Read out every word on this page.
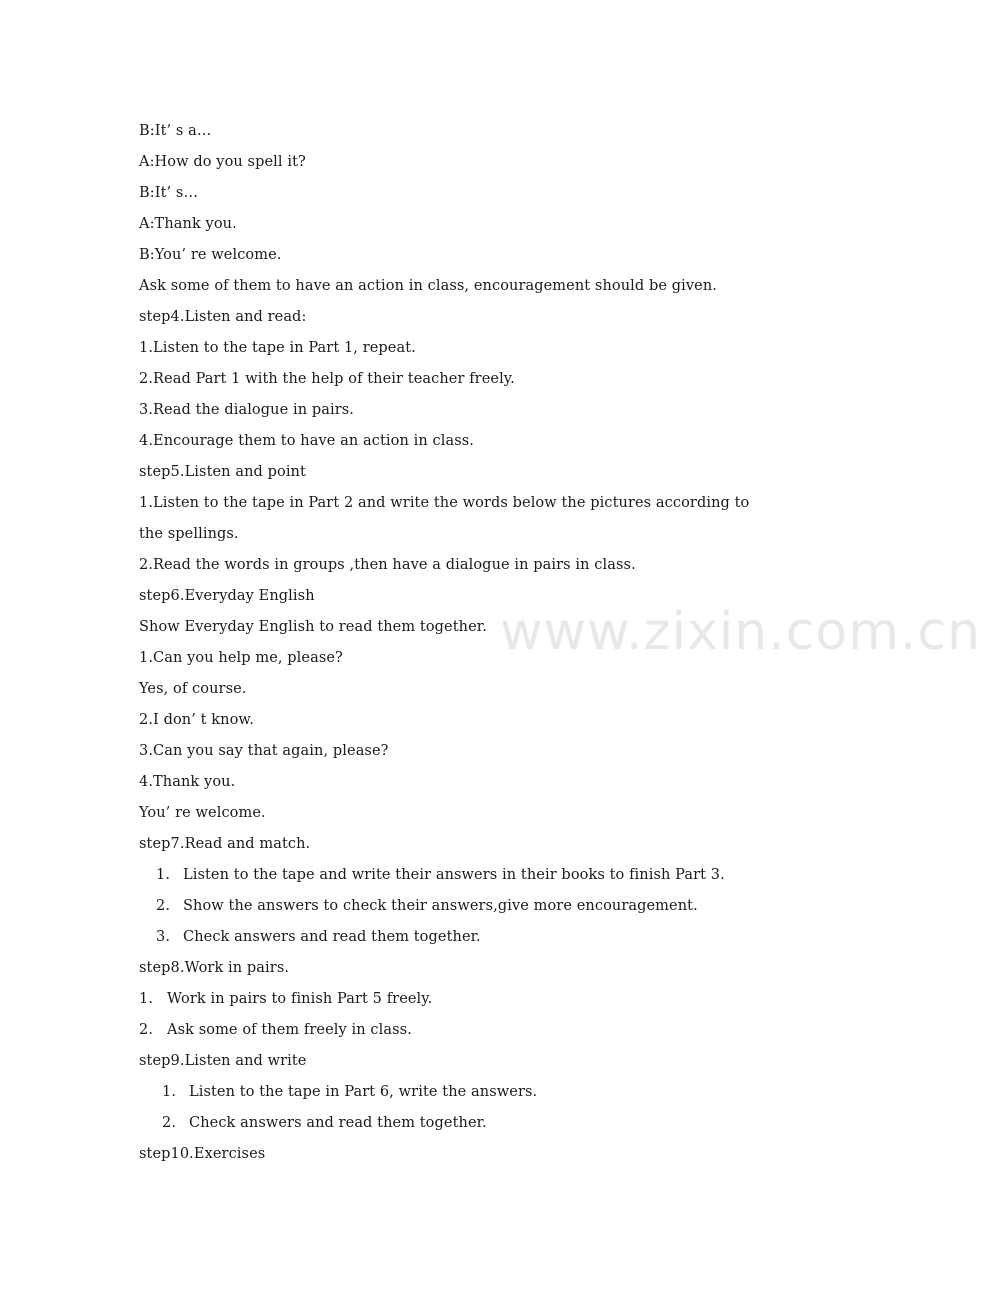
www.zixin.com.cn
B:It’ s a…
A:How do you spell it?
B:It’ s…
A:Thank you.
B:You’ re welcome.
Ask some of them to have an action in class, encouragement should be given.
step4.Listen and read:
1.Listen to the tape in Part 1, repeat.
2.Read Part 1 with the help of their teacher freely.
3.Read the dialogue in pairs.
4.Encourage them to have an action in class.
step5.Listen and point
1.Listen to the tape in Part 2 and write the words below the pictures according to
the spellings.
2.Read the words in groups ,then have a dialogue in pairs in class.
step6.Everyday English
Show Everyday English to read them together.
1.Can you help me, please?
Yes, of course.
2.I don’ t know.
3.Can you say that again, please?
4.Thank you.
You’ re welcome.
step7.Read and match.
1. Listen to the tape and write their answers in their books to finish Part 3.
2. Show the answers to check their answers,give more encouragement.
3. Check answers and read them together.
step8.Work in pairs.
1. Work in pairs to finish Part 5 freely.
2. Ask some of them freely in class.
step9.Listen and write
1. Listen to the tape in Part 6, write the answers.
2. Check answers and read them together.
step10.Exercises
